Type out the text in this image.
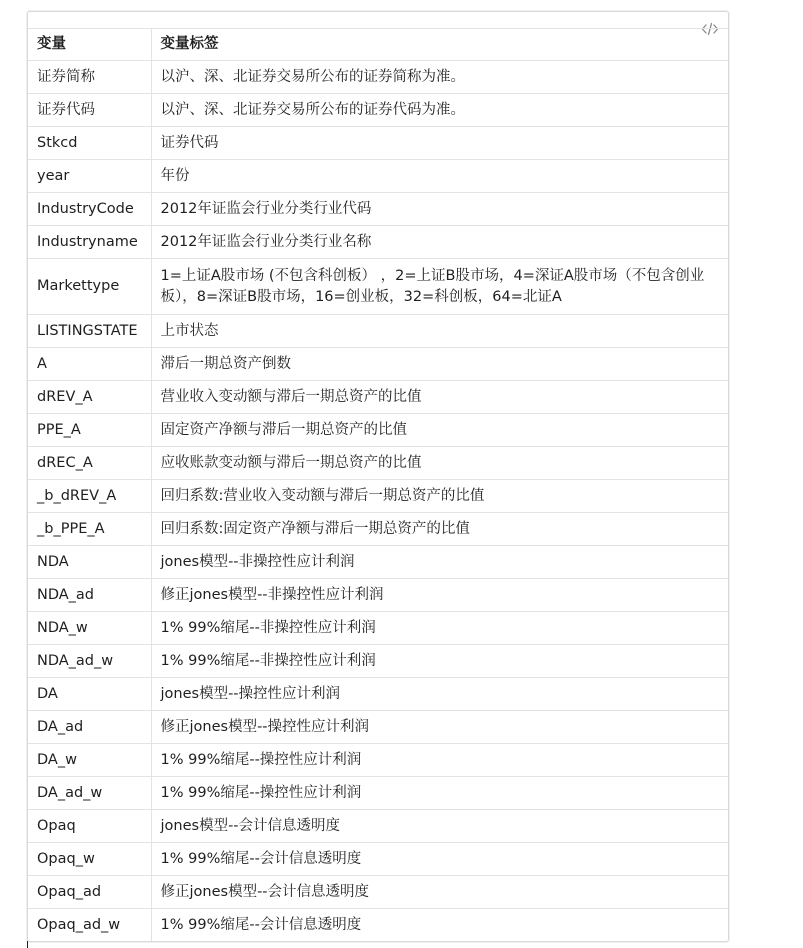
变量	变量标签
证券简称	以沪、深、北证券交易所公布的证券简称为准。
证券代码	以沪、深、北证券交易所公布的证券代码为准。
Stkcd	证券代码
year	年份
IndustryCode	2012年证监会行业分类行业代码
Industryname	2012年证监会行业分类行业名称
Markettype	1=上证A股市场 (不包含科创板） ，2=上证B股市场，4=深证A股市场（不包含创业板），8=深证B股市场，16=创业板，32=科创板，64=北证A
LISTINGSTATE	上市状态
A	滞后一期总资产倒数
dREV_A	营业收入变动额与滞后一期总资产的比值
PPE_A	固定资产净额与滞后一期总资产的比值
dREC_A	应收账款变动额与滞后一期总资产的比值
_b_dREV_A	回归系数:营业收入变动额与滞后一期总资产的比值
_b_PPE_A	回归系数:固定资产净额与滞后一期总资产的比值
NDA	jones模型--非操控性应计利润
NDA_ad	修正jones模型--非操控性应计利润
NDA_w	1% 99%缩尾--非操控性应计利润
NDA_ad_w	1% 99%缩尾--非操控性应计利润
DA	jones模型--操控性应计利润
DA_ad	修正jones模型--操控性应计利润
DA_w	1% 99%缩尾--操控性应计利润
DA_ad_w	1% 99%缩尾--操控性应计利润
Opaq	jones模型--会计信息透明度
Opaq_w	1% 99%缩尾--会计信息透明度
Opaq_ad	修正jones模型--会计信息透明度
Opaq_ad_w	1% 99%缩尾--会计信息透明度
